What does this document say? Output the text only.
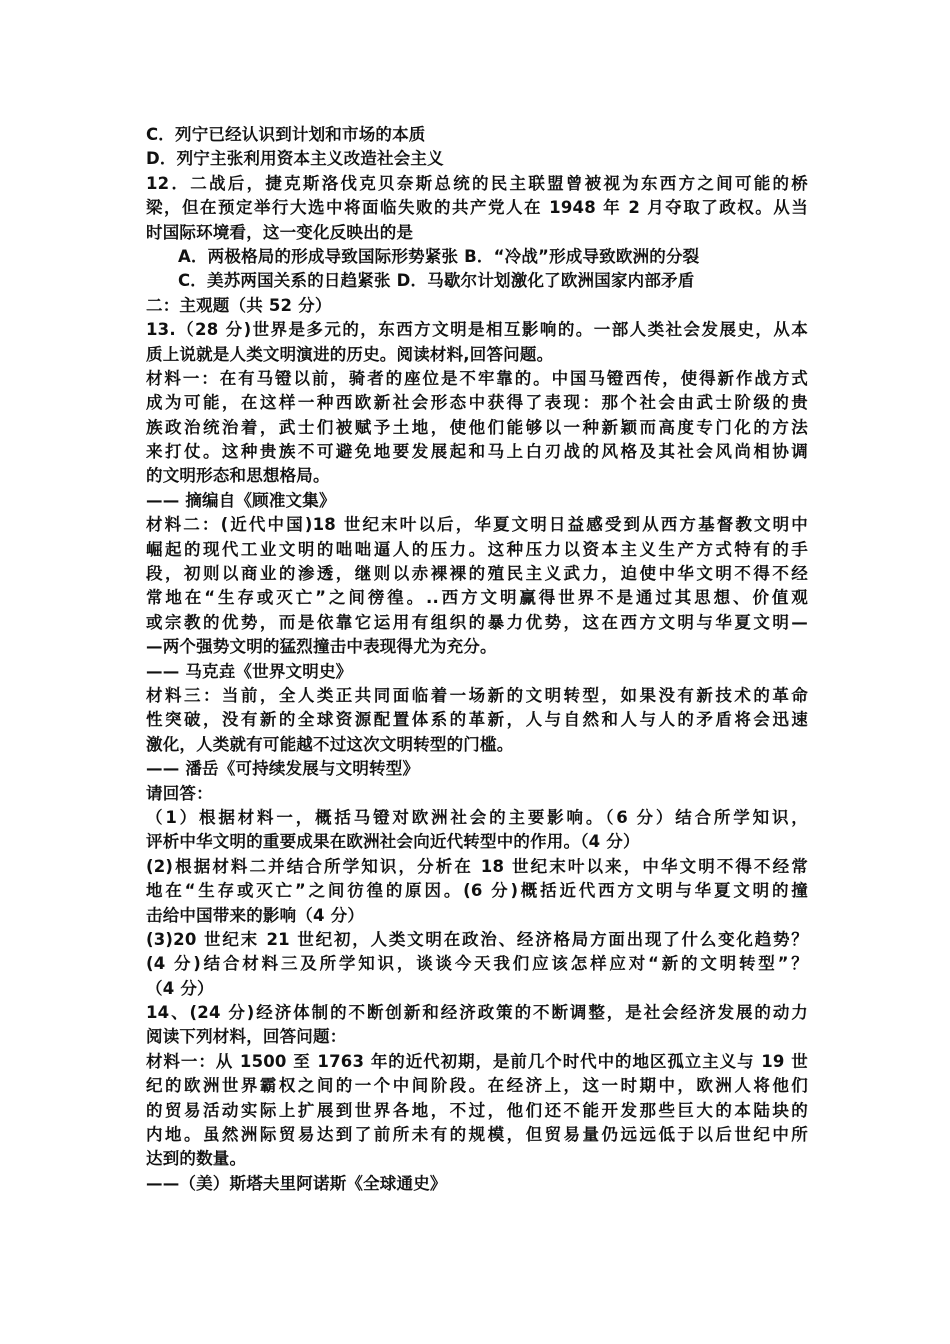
C．列宁已经认识到计划和市场的本质
D．列宁主张利用资本主义改造社会主义
12．二战后，捷克斯洛伐克贝奈斯总统的民主联盟曾被视为东西方之间可能的桥
梁，但在预定举行大选中将面临失败的共产党人在 1948 年 2 月夺取了政权。从当
时国际环境看，这一变化反映出的是
A．两极格局的形成导致国际形势紧张 B．“冷战”形成导致欧洲的分裂
C．美苏两国关系的日趋紧张 D．马歇尔计划激化了欧洲国家内部矛盾
二：主观题（共 52 分）
13.（28 分)世界是多元的，东西方文明是相互影响的。一部人类社会发展史，从本
质上说就是人类文明演进的历史。阅读材料,回答问题。
材料一：在有马镫以前，骑者的座位是不牢靠的。中国马镫西传，使得新作战方式
成为可能，在这样一种西欧新社会形态中获得了表现：那个社会由武士阶级的贵
族政治统治着，武士们被赋予土地，使他们能够以一种新颖而高度专门化的方法
来打仗。这种贵族不可避免地要发展起和马上白刃战的风格及其社会风尚相协调
的文明形态和思想格局。
—— 摘编自《顾准文集》
材料二：(近代中国)18 世纪末叶以后，华夏文明日益感受到从西方基督教文明中
崛起的现代工业文明的咄咄逼人的压力。这种压力以资本主义生产方式特有的手
段，初则以商业的渗透，继则以赤裸裸的殖民主义武力，迫使中华文明不得不经
常地在“生存或灭亡”之间徬徨。..西方文明赢得世界不是通过其思想、价值观
或宗教的优势，而是依靠它运用有组织的暴力优势，这在西方文明与华夏文明—
—两个强势文明的猛烈撞击中表现得尤为充分。
—— 马克垚《世界文明史》
材料三：当前，全人类正共同面临着一场新的文明转型，如果没有新技术的革命
性突破，没有新的全球资源配置体系的革新，人与自然和人与人的矛盾将会迅速
激化，人类就有可能越不过这次文明转型的门槛。
—— 潘岳《可持续发展与文明转型》
请回答：
（1）根据材料一，概括马镫对欧洲社会的主要影响。（6 分）结合所学知识，
评析中华文明的重要成果在欧洲社会向近代转型中的作用。（4 分）
(2)根据材料二并结合所学知识，分析在 18 世纪末叶以来，中华文明不得不经常
地在“生存或灭亡”之间彷徨的原因。(6 分)概括近代西方文明与华夏文明的撞
击给中国带来的影响（4 分）
(3)20 世纪末 21 世纪初，人类文明在政治、经济格局方面出现了什么变化趋势？
(4 分)结合材料三及所学知识，谈谈今天我们应该怎样应对“新的文明转型”？
（4 分）
14、(24 分)经济体制的不断创新和经济政策的不断调整，是社会经济发展的动力
阅读下列材料，回答问题：
材料一：从 1500 至 1763 年的近代初期，是前几个时代中的地区孤立主义与 19 世
纪的欧洲世界霸权之间的一个中间阶段。在经济上，这一时期中，欧洲人将他们
的贸易活动实际上扩展到世界各地，不过，他们还不能开发那些巨大的本陆块的
内地。虽然洲际贸易达到了前所未有的规模，但贸易量仍远远低于以后世纪中所
达到的数量。
——（美）斯塔夫里阿诺斯《全球通史》
